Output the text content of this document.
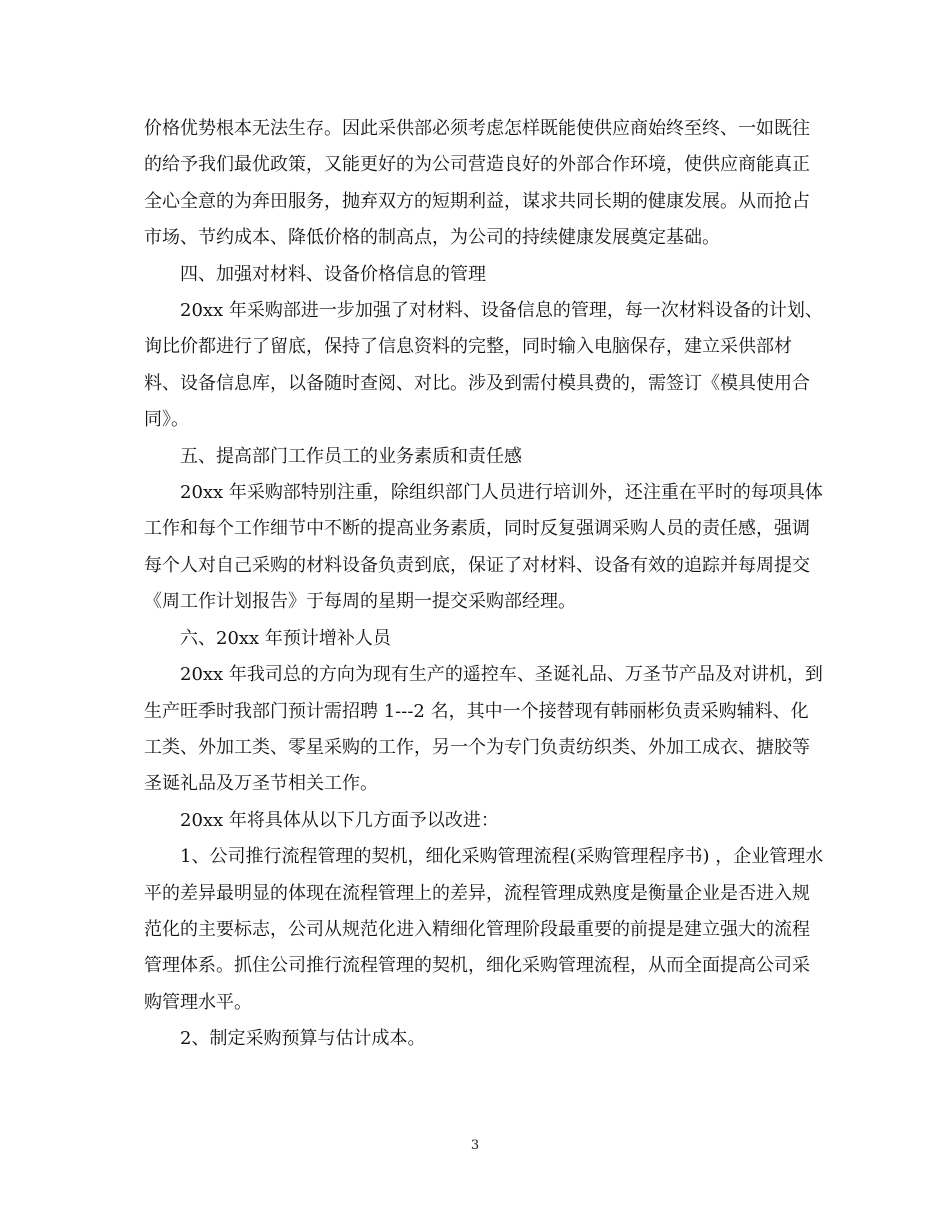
价格优势根本无法生存。因此采供部必须考虑怎样既能使供应商始终至终、一如既往的给予我们最优政策，又能更好的为公司营造良好的外部合作环境，使供应商能真正全心全意的为奔田服务，抛弃双方的短期利益，谋求共同长期的健康发展。从而抢占市场、节约成本、降低价格的制高点，为公司的持续健康发展奠定基础。

四、加强对材料、设备价格信息的管理

20xx 年采购部进一步加强了对材料、设备信息的管理，每一次材料设备的计划、询比价都进行了留底，保持了信息资料的完整，同时输入电脑保存，建立采供部材料、设备信息库，以备随时查阅、对比。涉及到需付模具费的，需签订《模具使用合同》。

五、提高部门工作员工的业务素质和责任感

20xx 年采购部特别注重，除组织部门人员进行培训外，还注重在平时的每项具体工作和每个工作细节中不断的提高业务素质，同时反复强调采购人员的责任感，强调每个人对自己采购的材料设备负责到底，保证了对材料、设备有效的追踪并每周提交《周工作计划报告》于每周的星期一提交采购部经理。

六、20xx 年预计增补人员

20xx 年我司总的方向为现有生产的遥控车、圣诞礼品、万圣节产品及对讲机，到生产旺季时我部门预计需招聘 1---2 名，其中一个接替现有韩丽彬负责采购辅料、化工类、外加工类、零星采购的工作，另一个为专门负责纺织类、外加工成衣、搪胶等圣诞礼品及万圣节相关工作。

20xx 年将具体从以下几方面予以改进：

1、公司推行流程管理的契机，细化采购管理流程(采购管理程序书) ，企业管理水平的差异最明显的体现在流程管理上的差异，流程管理成熟度是衡量企业是否进入规范化的主要标志，公司从规范化进入精细化管理阶段最重要的前提是建立强大的流程管理体系。抓住公司推行流程管理的契机，细化采购管理流程，从而全面提高公司采购管理水平。

2、制定采购预算与估计成本。

3
